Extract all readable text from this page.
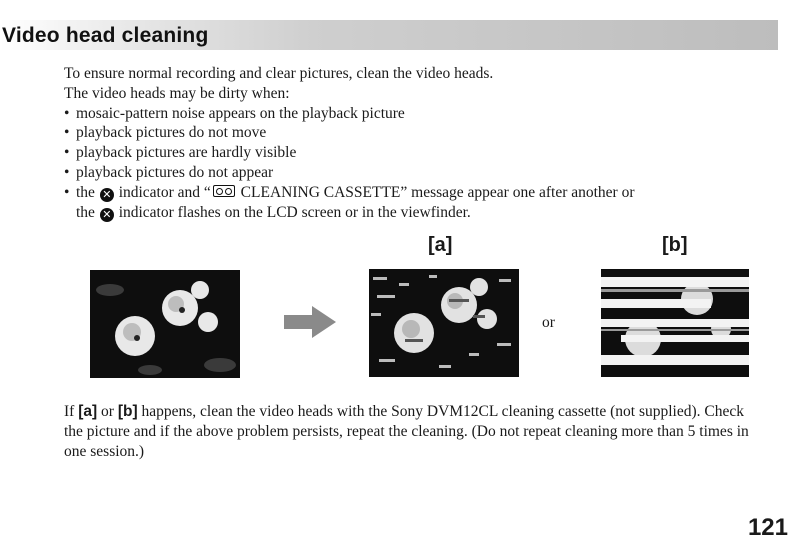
Video head cleaning

To ensure normal recording and clear pictures, clean the video heads.

The video heads may be dirty when:

• mosaic-pattern noise appears on the playback picture
• playback pictures do not move
• playback pictures are hardly visible
• playback pictures do not appear
• the ✕ indicator and “ CLEANING CASSETTE” message appear one after another or
the ✕ indicator flashes on the LCD screen or in the viewfinder.
[a]	[b]
or
If [a] or [b] happens, clean the video heads with the Sony DVM12CL cleaning cassette (not supplied). Check the picture and if the above problem persists, repeat the cleaning. (Do not repeat cleaning more than 5 times in one session.)
121
